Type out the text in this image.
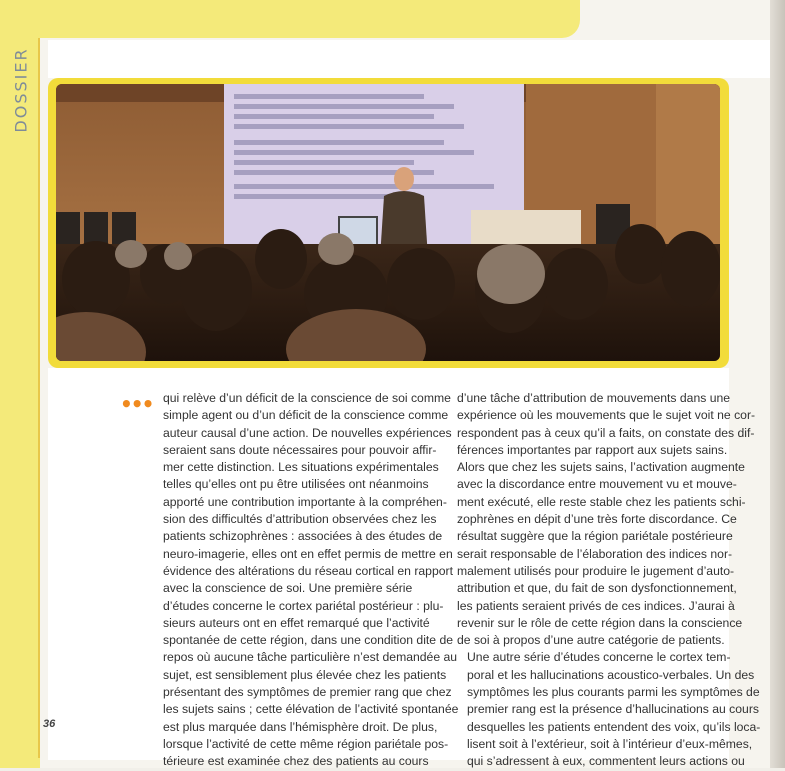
DOSSIER
••• qui relève d’un déficit de la conscience de soi comme
simple agent ou d’un déficit de la conscience comme
auteur causal d’une action. De nouvelles expériences
seraient sans doute nécessaires pour pouvoir affir-
mer cette distinction. Les situations expérimentales
telles qu’elles ont pu être utilisées ont néanmoins
apporté une contribution importante à la compréhen-
sion des difficultés d’attribution observées chez les
patients schizophrènes : associées à des études de
neuro-imagerie, elles ont en effet permis de mettre en
évidence des altérations du réseau cortical en rapport
avec la conscience de soi. Une première série
d’études concerne le cortex pariétal postérieur : plu-
sieurs auteurs ont en effet remarqué que l’activité
spontanée de cette région, dans une condition dite de
repos où aucune tâche particulière n’est demandée au
sujet, est sensiblement plus élevée chez les patients
présentant des symptômes de premier rang que chez
les sujets sains ; cette élévation de l’activité spontanée
est plus marquée dans l’hémisphère droit. De plus,
lorsque l’activité de cette même région pariétale pos-
térieure est examinée chez des patients au cours

d’une tâche d’attribution de mouvements dans une
expérience où les mouvements que le sujet voit ne cor-
respondent pas à ceux qu’il a faits, on constate des dif-
férences importantes par rapport aux sujets sains.
Alors que chez les sujets sains, l’activation augmente
avec la discordance entre mouvement vu et mouve-
ment exécuté, elle reste stable chez les patients schi-
zophrènes en dépit d’une très forte discordance. Ce
résultat suggère que la région pariétale postérieure
serait responsable de l’élaboration des indices nor-
malement utilisés pour produire le jugement d’auto-
attribution et que, du fait de son dysfonctionnement,
les patients seraient privés de ces indices. J’aurai à
revenir sur le rôle de cette région dans la conscience
de soi à propos d’une autre catégorie de patients.

Une autre série d’études concerne le cortex tem-
poral et les hallucinations acoustico-verbales. Un des
symptômes les plus courants parmi les symptômes de
premier rang est la présence d’hallucinations au cours
desquelles les patients entendent des voix, qu’ils loca-
lisent soit à l’extérieur, soit à l’intérieur d’eux-mêmes,
qui s’adressent à eux, commentent leurs actions ou

36
